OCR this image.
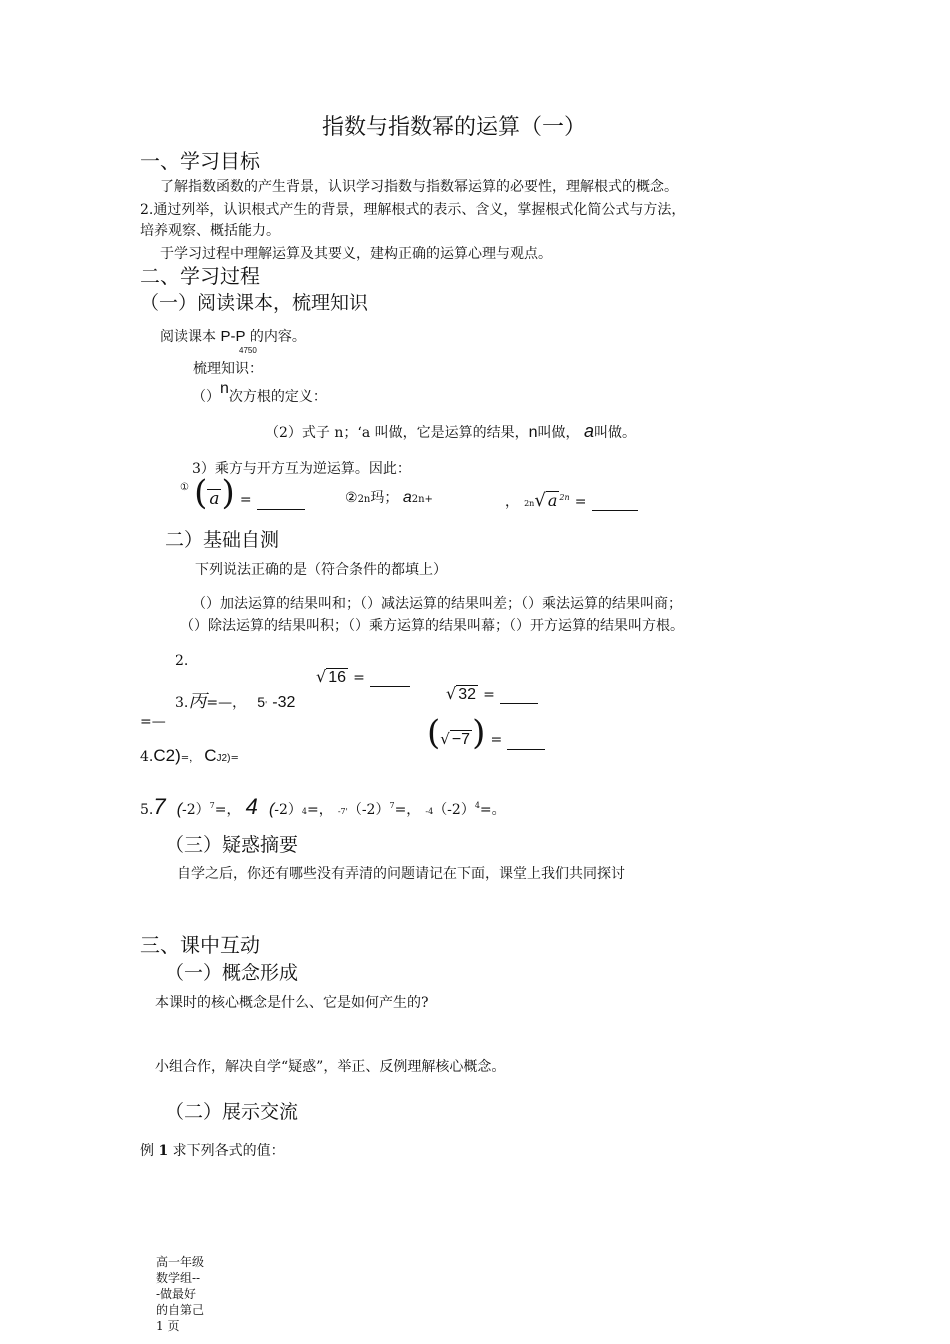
指数与指数幂的运算（一）
一、学习目标
了解指数函数的产生背景，认识学习指数与指数幂运算的必要性，理解根式的概念。
2.通过列举，认识根式产生的背景，理解根式的表示、含义，掌握根式化简公式与方法，
培养观察、概括能力。
于学习过程中理解运算及其要义，建构正确的运算心理与观点。
二、学习过程
（一）阅读课本，梳理知识
阅读课本 P-P 的内容。
4750
梳理知识：
（）n次方根的定义：
（2）式子 n；‘a 叫做，它是运算的结果，n叫做， a叫做。
3）乘方与开方互为逆运算。因此：
① ( a) =	②2n玛； a2n+	， 2n√ a $^{2n}$ =
二）基础自测
下列说法正确的是（符合条件的都填上）
（）加法运算的结果叫和；（）减法运算的结果叫差；（）乘法运算的结果叫商；
（）除法运算的结果叫积；（）乘方运算的结果叫幕；（）开方运算的结果叫方根。
2.
3.丙=—， 5' -32
√ 16 =
√ 32 =
=—	(√ −7) =
4.C2)=， CJ2)=
5.7 (-2）$^7$=， 4 (-2）4=， $-7'(-2)^7=$， $-4(-2)^4=$。
（三）疑惑摘要
自学之后，你还有哪些没有弄清的问题请记在下面，课堂上我们共同探讨
三、课中互动
（一）概念形成
本课时的核心概念是什么、它是如何产生的?
小组合作，解决自学“疑惑”，举正、反例理解核心概念。
（二）展示交流
例 1 求下列各式的值：
高一年级数学组---做最好的自第己1 页
